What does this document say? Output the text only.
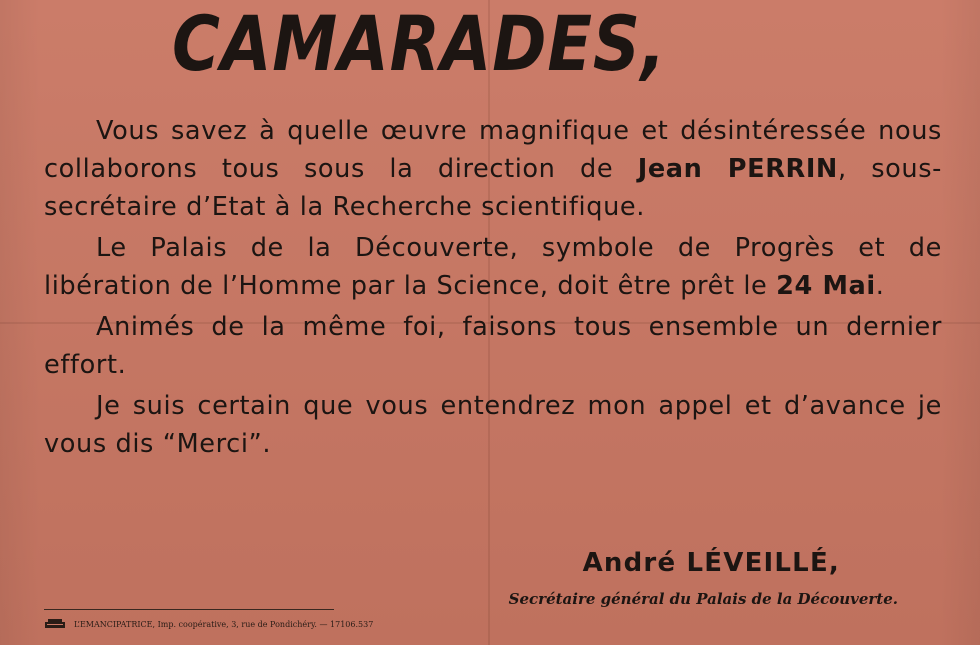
CAMARADES,

Vous savez à quelle œuvre magnifique et désintéressée nous collaborons tous sous la direction de Jean PERRIN, sous-secrétaire d’Etat à la Recherche scientifique.

Le Palais de la Découverte, symbole de Progrès et de libération de l’Homme par la Science, doit être prêt le 24 Mai.

Animés de la même foi, faisons tous ensemble un dernier effort.

Je suis certain que vous entendrez mon appel et d’avance je vous dis “Merci”.

André LÉVEILLÉ,
Secrétaire général du Palais de la Découverte.
L’EMANCIPATRICE, Imp. coopérative, 3, rue de Pondichéry. — 17106.537
